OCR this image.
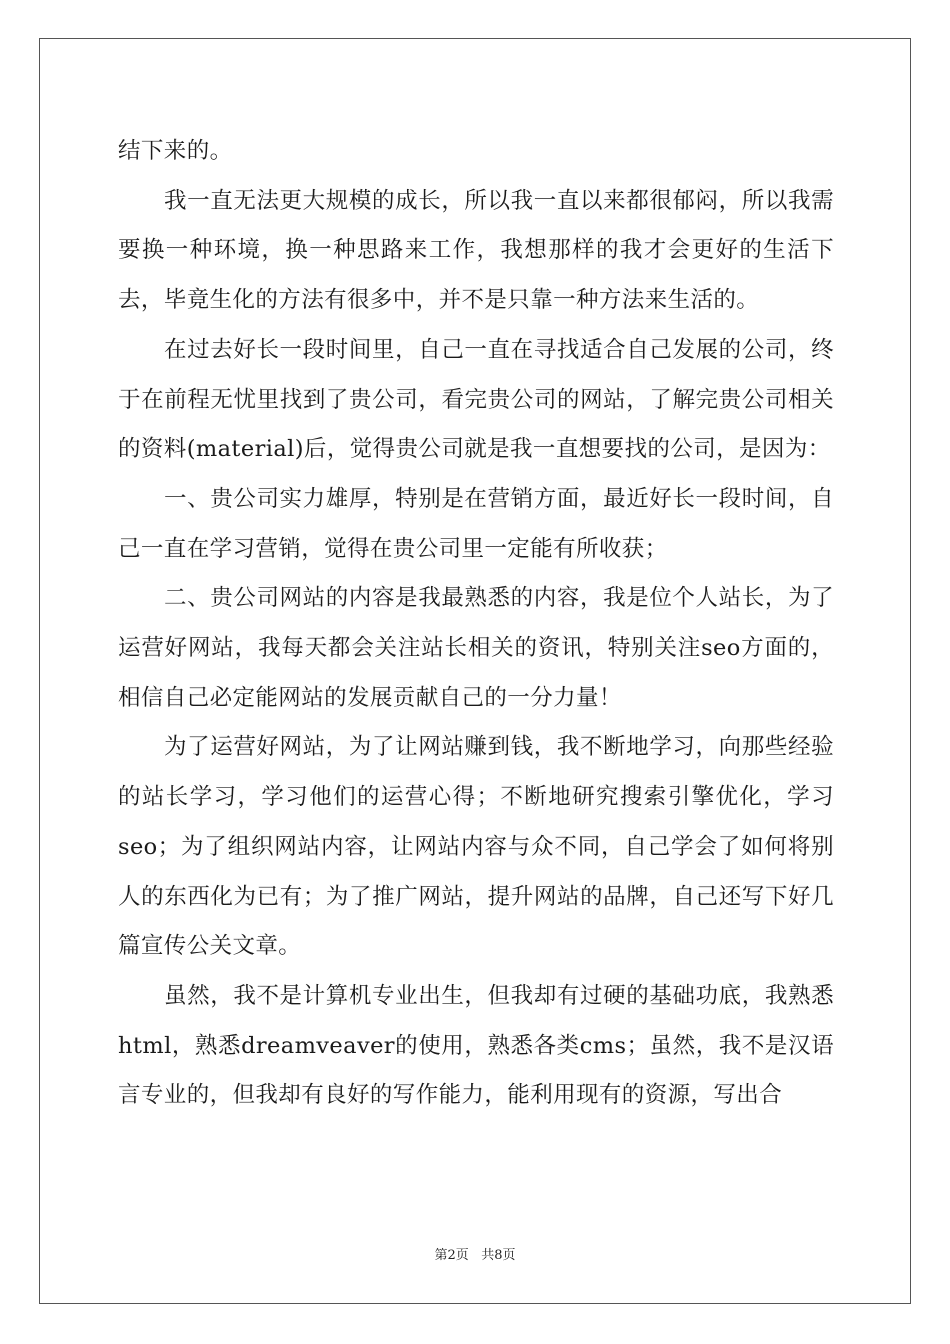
结下来的。

我一直无法更大规模的成长，所以我一直以来都很郁闷，所以我需要换一种环境，换一种思路来工作，我想那样的我才会更好的生活下去，毕竟生化的方法有很多中，并不是只靠一种方法来生活的。

在过去好长一段时间里，自己一直在寻找适合自己发展的公司，终于在前程无忧里找到了贵公司，看完贵公司的网站，了解完贵公司相关的资料(material)后，觉得贵公司就是我一直想要找的公司，是因为：

一、贵公司实力雄厚，特别是在营销方面，最近好长一段时间，自己一直在学习营销，觉得在贵公司里一定能有所收获；

二、贵公司网站的内容是我最熟悉的内容，我是位个人站长，为了运营好网站，我每天都会关注站长相关的资讯，特别关注seo方面的，相信自己必定能网站的发展贡献自己的一分力量！

为了运营好网站，为了让网站赚到钱，我不断地学习，向那些经验的站长学习，学习他们的运营心得；不断地研究搜索引擎优化，学习seo；为了组织网站内容，让网站内容与众不同，自己学会了如何将别人的东西化为已有；为了推广网站，提升网站的品牌，自己还写下好几篇宣传公关文章。

虽然，我不是计算机专业出生，但我却有过硬的基础功底，我熟悉html，熟悉dreamveaver的使用，熟悉各类cms；虽然，我不是汉语言专业的，但我却有良好的写作能力，能利用现有的资源，写出合

第2页 共8页
